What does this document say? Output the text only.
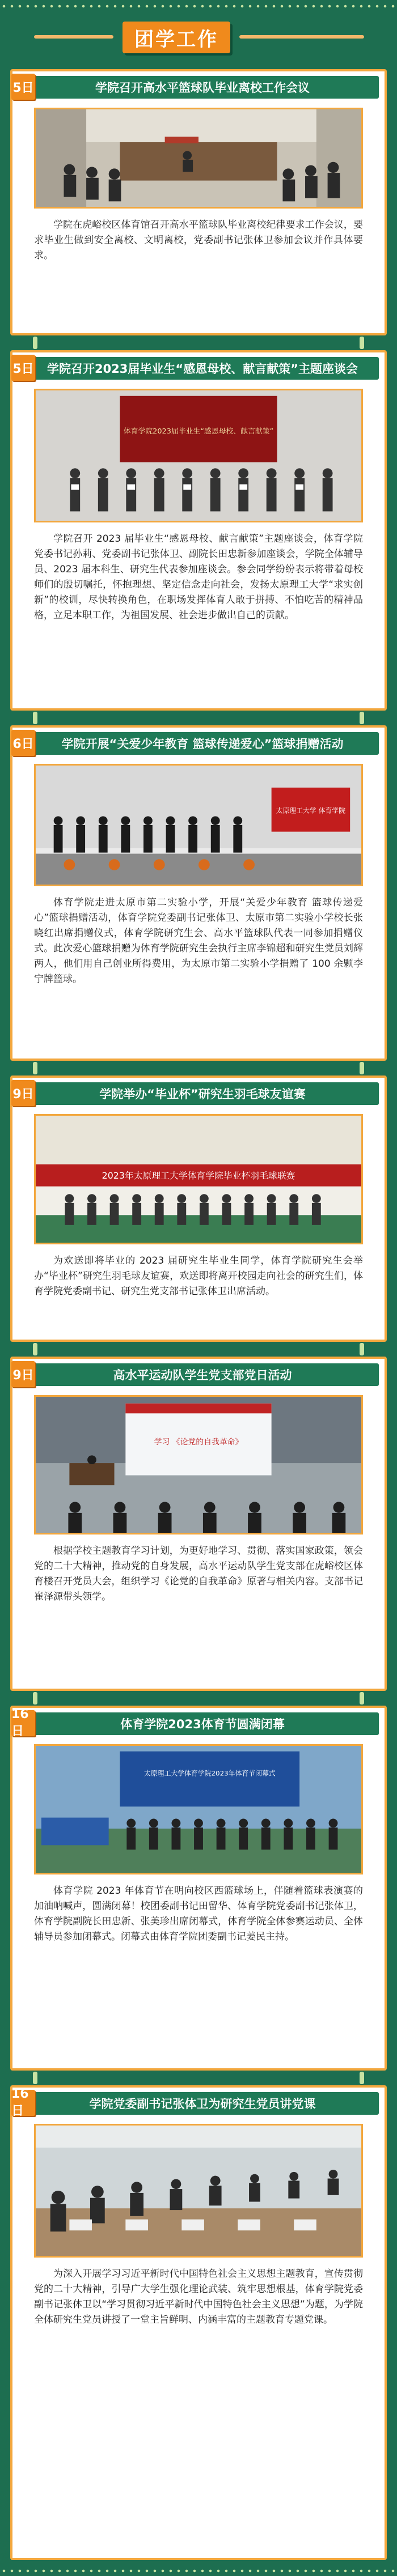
团学工作
学院召开高水平篮球队毕业离校工作会议
5日
学院在虎峪校区体育馆召开高水平篮球队毕业离校纪律要求工作会议，要求毕业生做到安全离校、文明离校，党委副书记张体卫参加会议并作具体要求。
学院召开2023届毕业生“感恩母校、献言献策”主题座谈会
5日
体育学院2023届毕业生“感恩母校、献言献策”
学院召开 2023 届毕业生“感恩母校、献言献策”主题座谈会，体育学院党委书记孙莉、党委副书记张体卫、副院长田忠新参加座谈会，学院全体辅导员、2023 届本科生、研究生代表参加座谈会。参会同学纷纷表示将带着母校师们的殷切嘱托，怀抱理想、坚定信念走向社会，发扬太原理工大学“求实创新”的校训，尽快转换角色，在职场发挥体育人敢于拼搏、不怕吃苦的精神品格，立足本职工作，为祖国发展、社会进步做出自己的贡献。
学院开展“关爱少年教育 篮球传递爱心”篮球捐赠活动
6日
太原理工大学 体育学院
体育学院走进太原市第二实验小学，开展“关爱少年教育 篮球传递爱心”篮球捐赠活动，体育学院党委副书记张体卫、太原市第二实验小学校长张晓红出席捐赠仪式，体育学院研究生会、高水平篮球队代表一同参加捐赠仪式。此次爱心篮球捐赠为体育学院研究生会执行主席李锦超和研究生党员刘辉两人，他们用自己创业所得费用，为太原市第二实验小学捐赠了 100 余颗李宁牌篮球。
学院举办“毕业杯”研究生羽毛球友谊赛
9日
2023年太原理工大学体育学院毕业杯羽毛球联赛
为欢送即将毕业的 2023 届研究生毕业生同学，体育学院研究生会举办“毕业杯”研究生羽毛球友谊赛，欢送即将离开校园走向社会的研究生们，体育学院党委副书记、研究生党支部书记张体卫出席活动。
高水平运动队学生党支部党日活动
9日
学习 《论党的自我革命》
根据学校主题教育学习计划，为更好地学习、贯彻、落实国家政策，领会党的二十大精神，推动党的自身发展，高水平运动队学生党支部在虎峪校区体育楼召开党员大会，组织学习《论党的自我革命》原著与相关内容。支部书记崔泽源带头领学。
体育学院2023体育节圆满闭幕
16日
太原理工大学体育学院2023年体育节闭幕式
体育学院 2023 年体育节在明向校区西篮球场上，伴随着篮球表演赛的加油呐喊声，圆满闭幕！校团委副书记田留华、体育学院党委副书记张体卫，体育学院副院长田忠新、张美珍出席闭幕式，体育学院全体参赛运动员、全体辅导员参加闭幕式。闭幕式由体育学院团委副书记姜民主持。
学院党委副书记张体卫为研究生党员讲党课
16日
为深入开展学习习近平新时代中国特色社会主义思想主题教育，宣传贯彻党的二十大精神，引导广大学生强化理论武装、筑牢思想根基，体育学院党委副书记张体卫以“学习贯彻习近平新时代中国特色社会主义思想”为题，为学院全体研究生党员讲授了一堂主旨鲜明、内涵丰富的主题教育专题党课。
